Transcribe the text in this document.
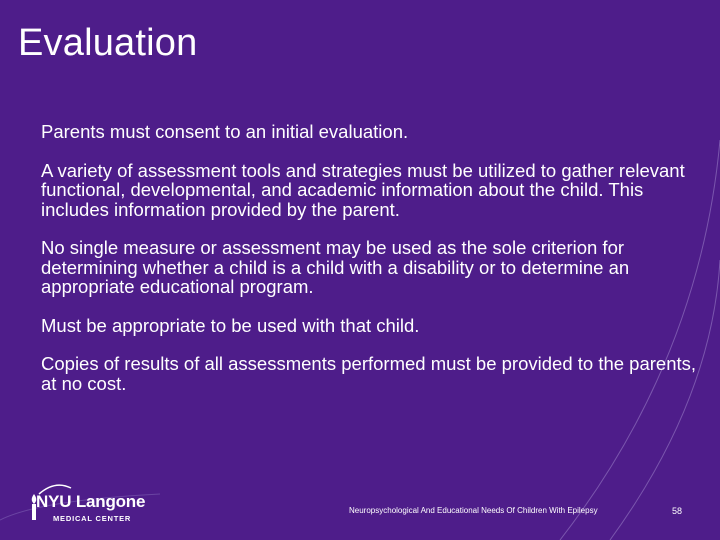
Evaluation
Parents must consent to an initial evaluation.
A variety of assessment tools and strategies must be utilized to gather relevant functional, developmental, and academic information about the child. This includes information provided by the parent.
No single measure or assessment may be used as the sole criterion for determining whether a child is a child with a disability or to determine an appropriate educational program.
Must be appropriate to be used with that child.
Copies of results of all assessments performed must be provided to the parents, at no cost.
NYU Langone
MEDICAL CENTER
Neuropsychological And Educational Needs Of Children With Epilepsy	58
